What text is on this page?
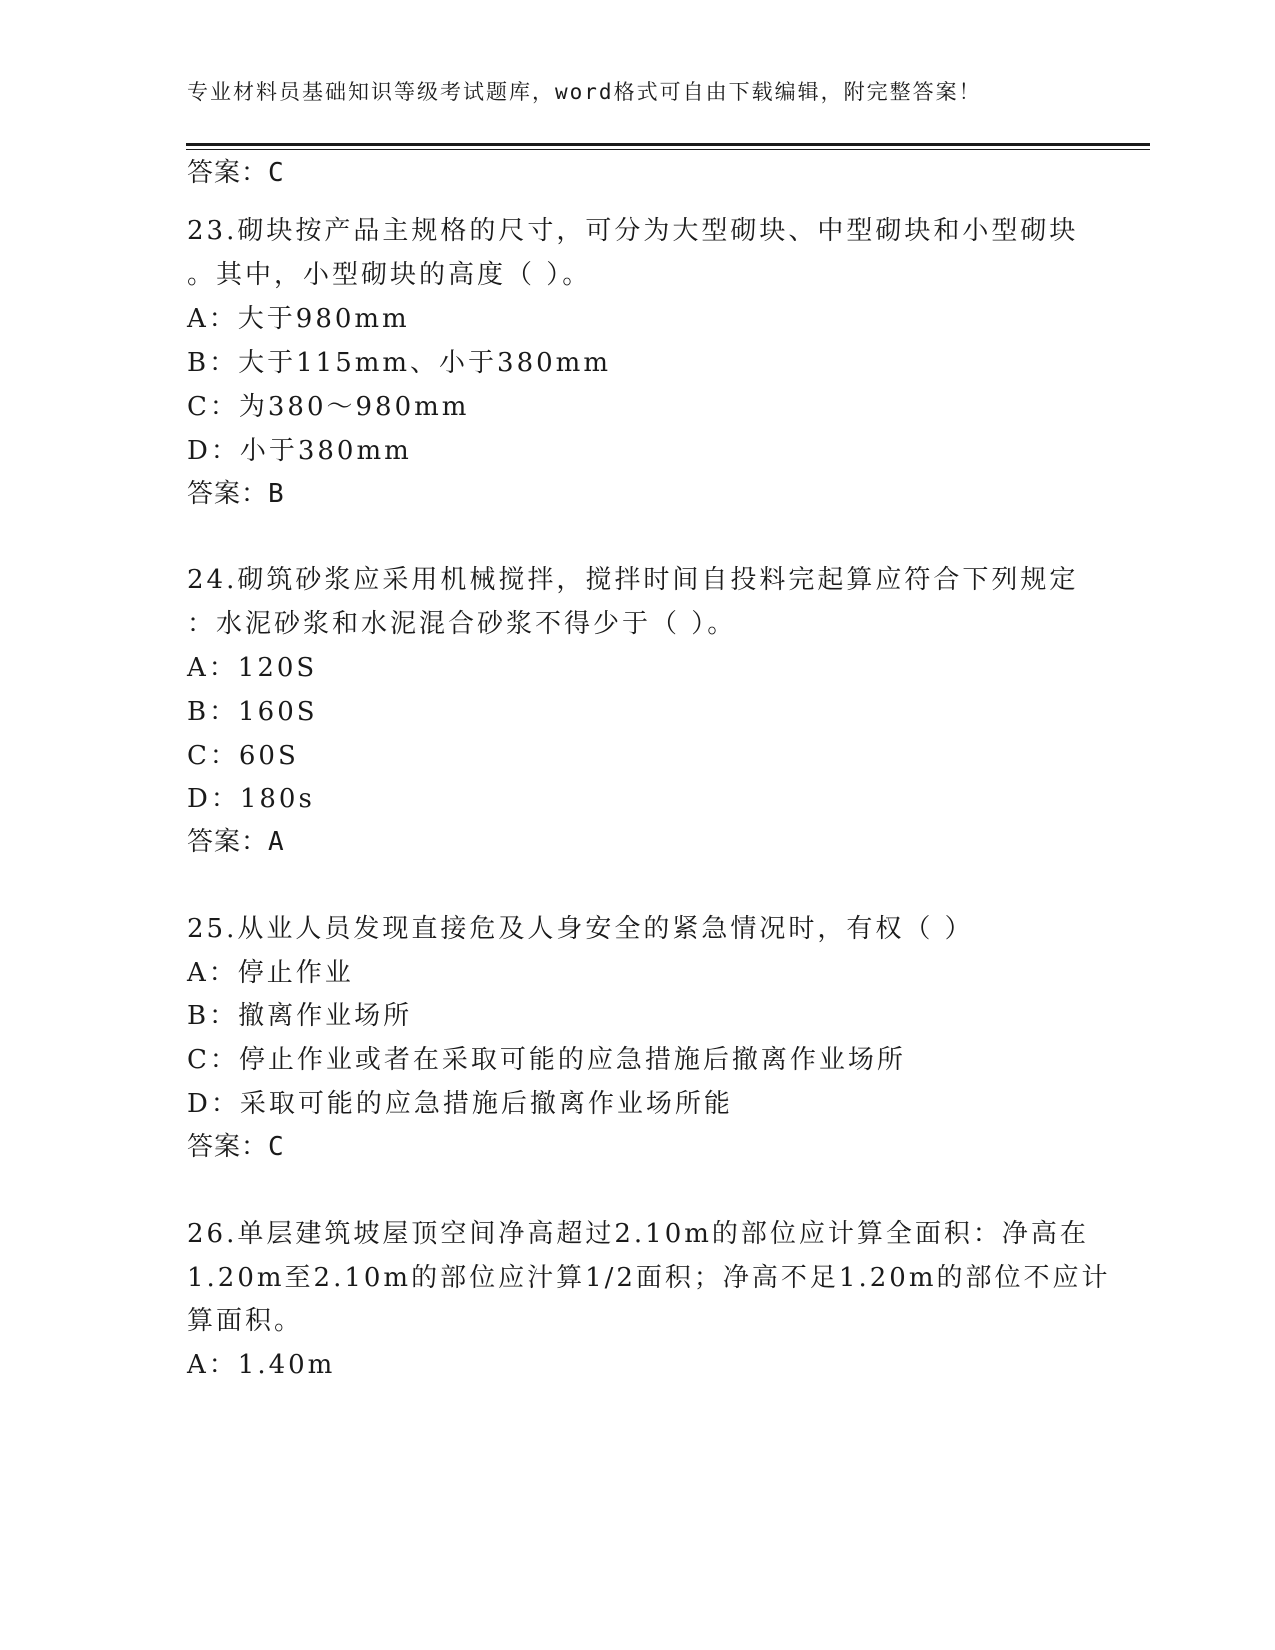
专业材料员基础知识等级考试题库，word格式可自由下载编辑，附完整答案！
答案：C
23.砌块按产品主规格的尺寸，可分为大型砌块、中型砌块和小型砌块
。其中，小型砌块的高度（ ）。
A：大于980mm
B：大于115mm、小于380mm
C：为380～980mm
D：小于380mm
答案：B
24.砌筑砂浆应采用机械搅拌，搅拌时间自投料完起算应符合下列规定
：水泥砂浆和水泥混合砂浆不得少于（ ）。
A：120S
B：160S
C：60S
D：180s
答案：A
25.从业人员发现直接危及人身安全的紧急情况时，有权（ ）
A：停止作业
B：撤离作业场所
C：停止作业或者在采取可能的应急措施后撤离作业场所
D：采取可能的应急措施后撤离作业场所能
答案：C
26.单层建筑坡屋顶空间净高超过2.10m的部位应计算全面积：净高在
1.20m至2.10m的部位应汁算1/2面积；净高不足1.20m的部位不应计
算面积。
A：1.40m
